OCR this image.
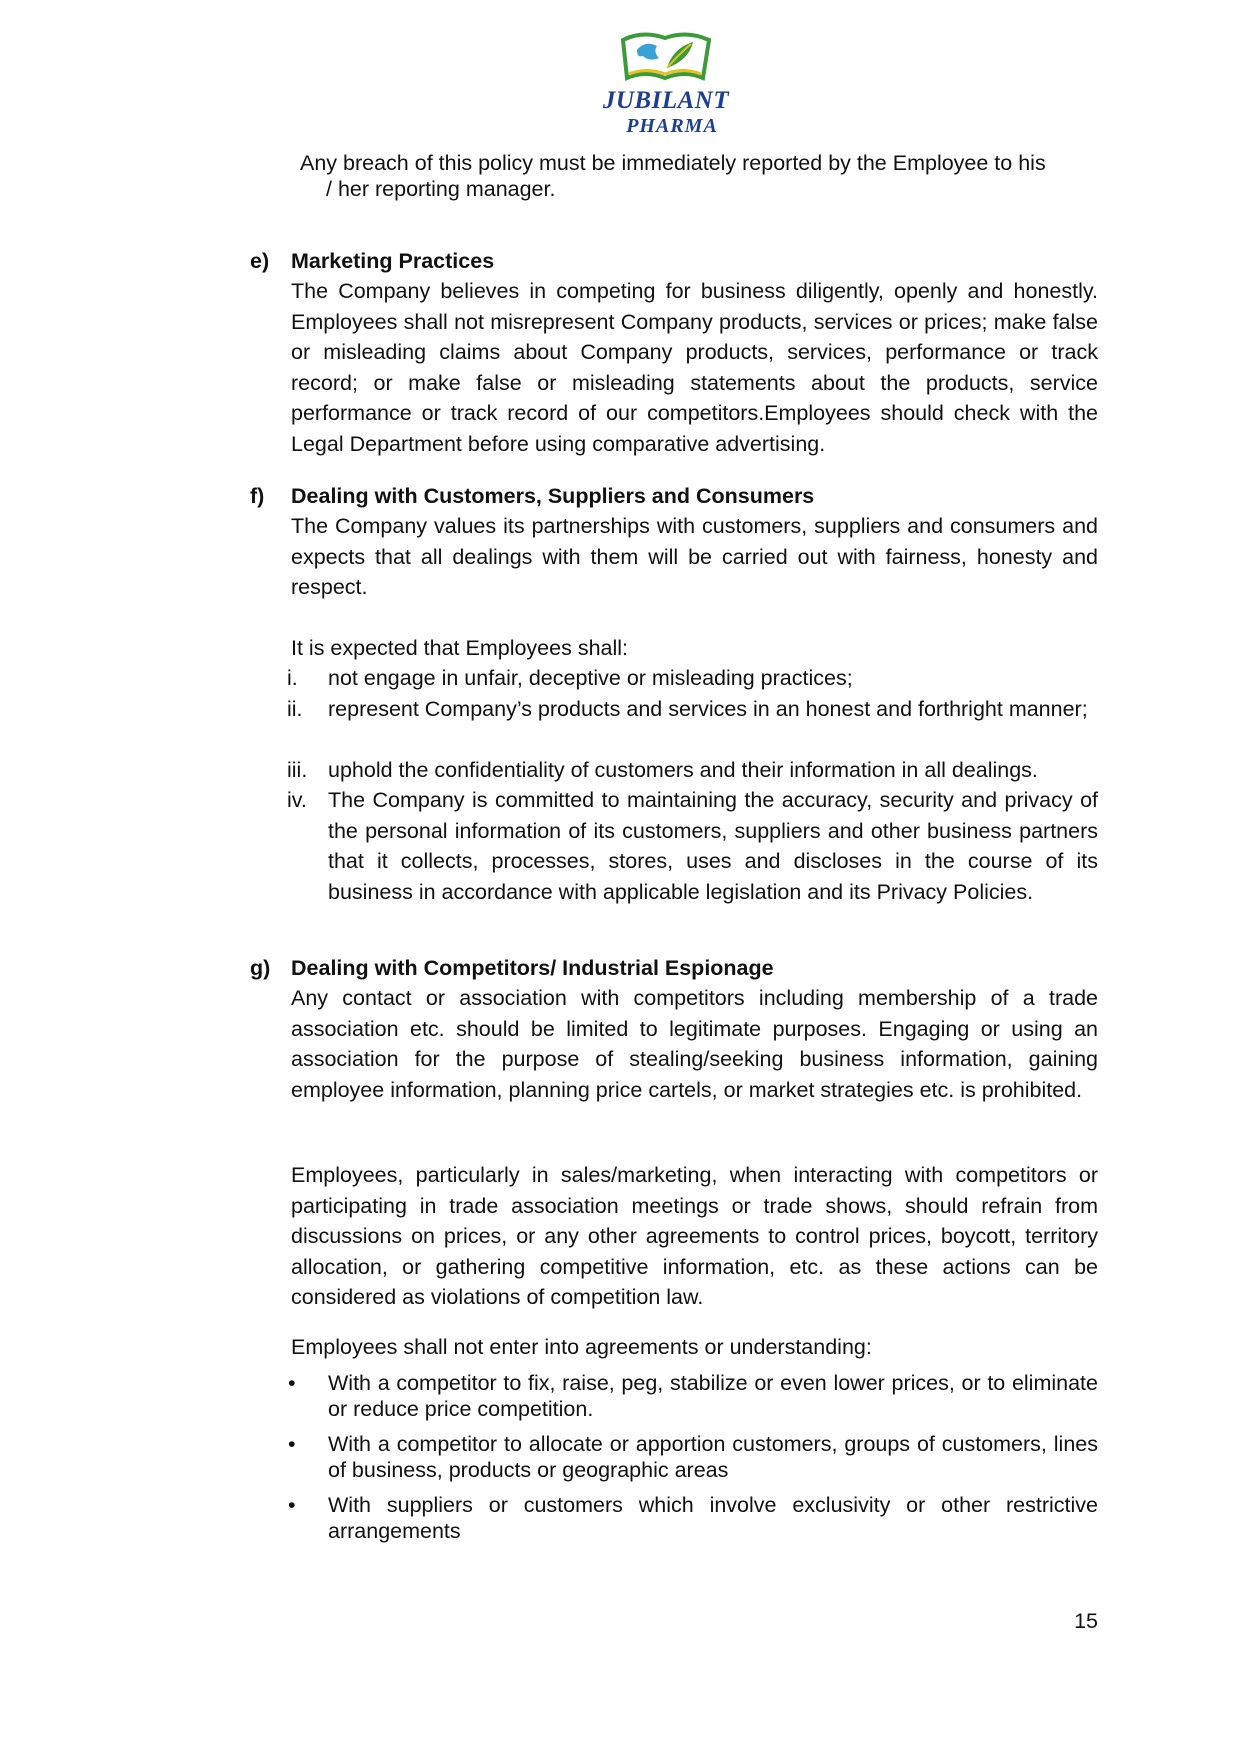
JUBILANT
PHARMA
Any breach of this policy must be immediately reported by the Employee to his
/ her reporting manager.
e) Marketing Practices
The Company believes in competing for business diligently, openly and honestly. Employees shall not misrepresent Company products, services or prices; make false or misleading claims about Company products, services, performance or track record; or make false or misleading statements about the products, service performance or track record of our competitors.Employees should check with the Legal Department before using comparative advertising.
f) Dealing with Customers, Suppliers and Consumers
The Company values its partnerships with customers, suppliers and consumers and expects that all dealings with them will be carried out with fairness, honesty and respect.
It is expected that Employees shall:
i. not engage in unfair, deceptive or misleading practices;
ii. represent Company’s products and services in an honest and forthright manner;
iii. uphold the confidentiality of customers and their information in all dealings.
iv. The Company is committed to maintaining the accuracy, security and privacy of the personal information of its customers, suppliers and other business partners that it collects, processes, stores, uses and discloses in the course of its business in accordance with applicable legislation and its Privacy Policies.
g) Dealing with Competitors/ Industrial Espionage
Any contact or association with competitors including membership of a trade association etc. should be limited to legitimate purposes. Engaging or using an association for the purpose of stealing/seeking business information, gaining employee information, planning price cartels, or market strategies etc. is prohibited.
Employees, particularly in sales/marketing, when interacting with competitors or participating in trade association meetings or trade shows, should refrain from discussions on prices, or any other agreements to control prices, boycott, territory allocation, or gathering competitive information, etc. as these actions can be considered as violations of competition law.
Employees shall not enter into agreements or understanding:
• With a competitor to fix, raise, peg, stabilize or even lower prices, or to eliminate or reduce price competition.
• With a competitor to allocate or apportion customers, groups of customers, lines of business, products or geographic areas
• With suppliers or customers which involve exclusivity or other restrictive arrangements
15
